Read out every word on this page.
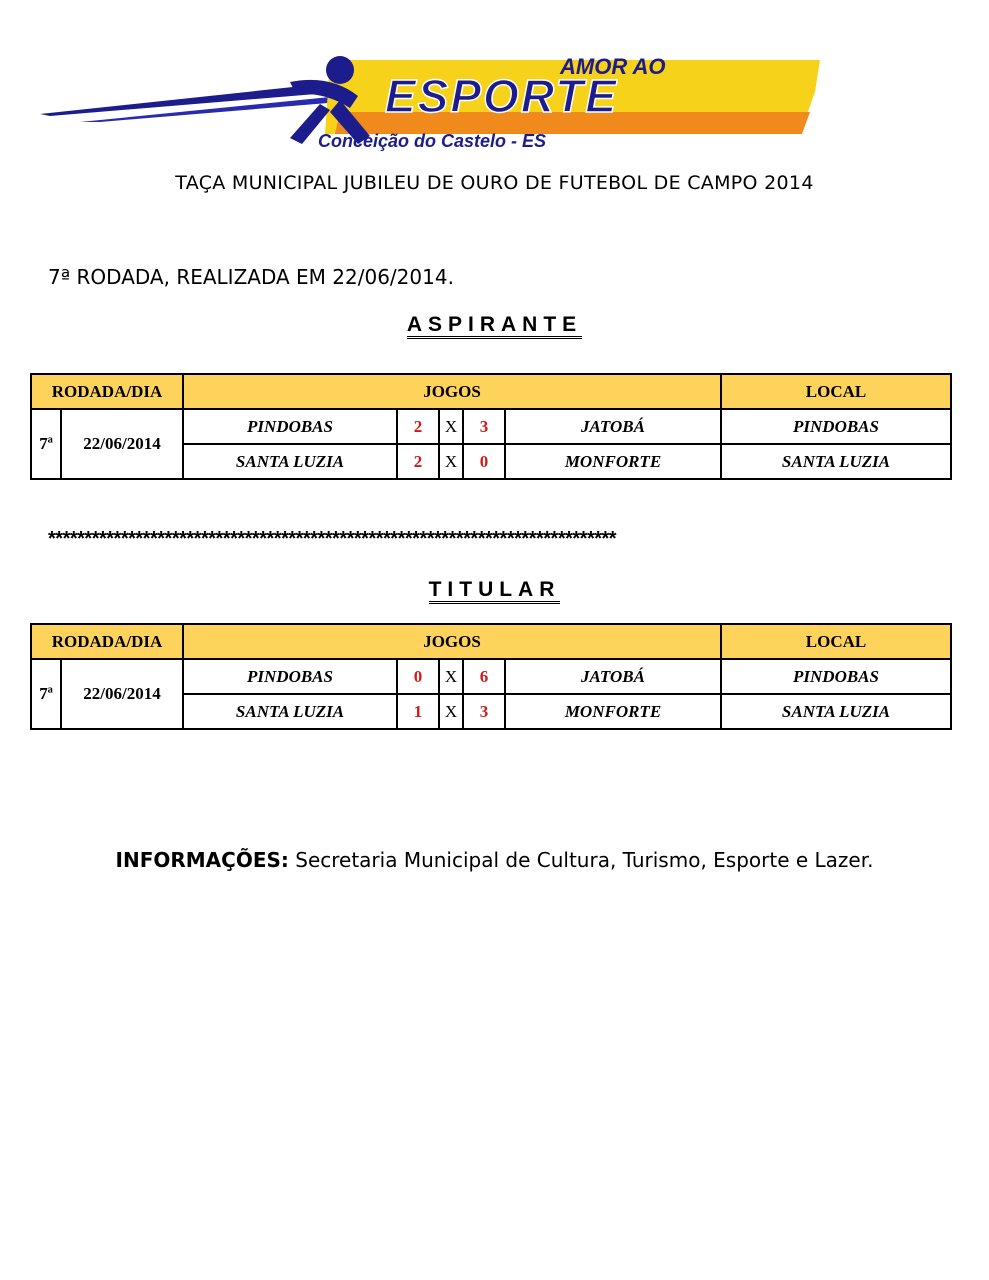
AMOR AO
ESPORTE
Conceição do Castelo - ES
TAÇA MUNICIPAL JUBILEU DE OURO DE FUTEBOL DE CAMPO 2014
7ª RODADA, REALIZADA EM 22/06/2014.
ASPIRANTE
RODADA/DIA		JOGOS					LOCAL
7ª	22/06/2014	PINDOBAS	2	X	3	JATOBÁ	PINDOBAS
		SANTA LUZIA	2	X	0	MONFORTE	SANTA LUZIA
******************************************************************************
TITULAR
RODADA/DIA		JOGOS					LOCAL
7ª	22/06/2014	PINDOBAS	0	X	6	JATOBÁ	PINDOBAS
		SANTA LUZIA	1	X	3	MONFORTE	SANTA LUZIA
INFORMAÇÕES: Secretaria Municipal de Cultura, Turismo, Esporte e Lazer.
